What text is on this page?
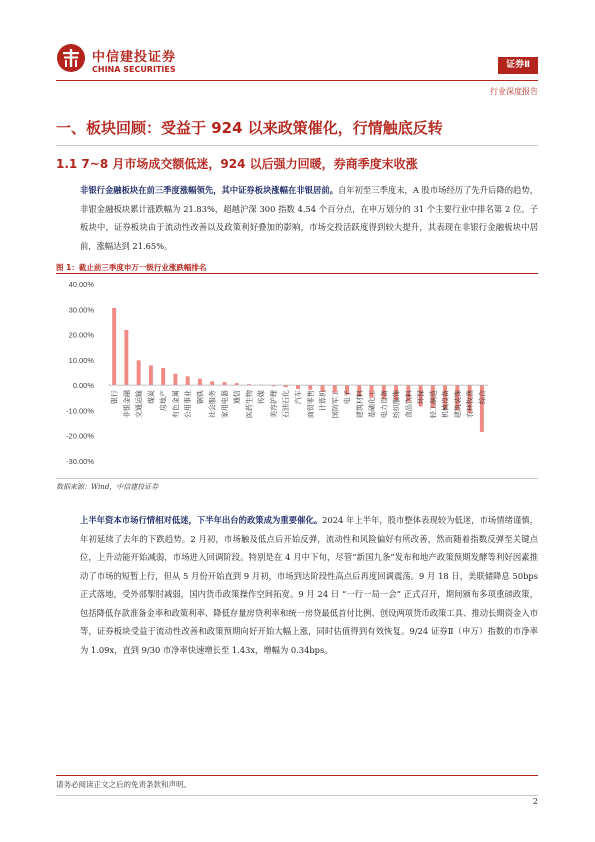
中信建投证券
CHINA SECURITIES	证券Ⅱ
行业深度报告
一、板块回顾：受益于 924 以来政策催化，行情触底反转
1.1 7~8 月市场成交额低迷，924 以后强力回暖，券商季度末收涨
非银行金融板块在前三季度涨幅领先，其中证券板块涨幅在非银居前。自年初至三季度末，A 股市场经历了先升后降的趋势，非银金融板块累计涨跌幅为 21.83%，超越沪深 300 指数 4.54 个百分点，在申万划分的 31 个主要行业中排名第 2 位。子板块中，证券板块由于流动性改善以及政策利好叠加的影响，市场交投活跃度得到较大提升，其表现在非银行金融板块中居前，涨幅达到 21.65%。
图 1：截止前三季度申万一级行业涨跌幅排名
40.00%
30.00%
20.00%
10.00%
0.00%
-10.00%
-20.00%
-30.00%
银行 非银金融 交通运输 煤炭 房地产 有色金属 公用事业 钢铁 社会服务 家用电器 通信 医药生物 传媒 美容护理 石油石化 汽车 商贸零售 计算机 国防军工 电子 建筑材料 基础化工 电力设备 纺织服饰 食品饮料 环保 轻工制造 机械设备 建筑装饰 农林牧渔 综合
数据来源：Wind，中信建投证券
上半年资本市场行情相对低迷，下半年出台的政策成为重要催化。2024 年上半年，股市整体表现较为低迷，市场情绪谨慎，年初延续了去年的下跌趋势。2 月初，市场触及低点后开始反弹，流动性和风险偏好有所改善，然而随着指数反弹至关键点位，上升动能开始减弱，市场进入回调阶段。特别是在 4 月中下旬，尽管“新国九条”发布和地产政策预期发酵等利好因素推动了市场的短暂上行，但从 5 月份开始直到 9 月初，市场到达阶段性高点后再度回调震荡。9 月 18 日，美联储降息 50bps 正式落地，受外部掣肘减弱，国内货币政策操作空间拓宽。9 月 24 日 “一行一局一会” 正式召开，期间颁布多项重磅政策，包括降低存款准备金率和政策利率、降低存量房贷利率和统一房贷最低首付比例、创设两项货币政策工具、推动长期资金入市等，证券板块受益于流动性改善和政策预期向好开始大幅上涨，同时估值得到有效恢复。9/24 证券Ⅱ（申万）指数的市净率为 1.09x，直到 9/30 市净率快速增长至 1.43x，增幅为 0.34bps。
请务必阅读正文之后的免责条款和声明。
2
